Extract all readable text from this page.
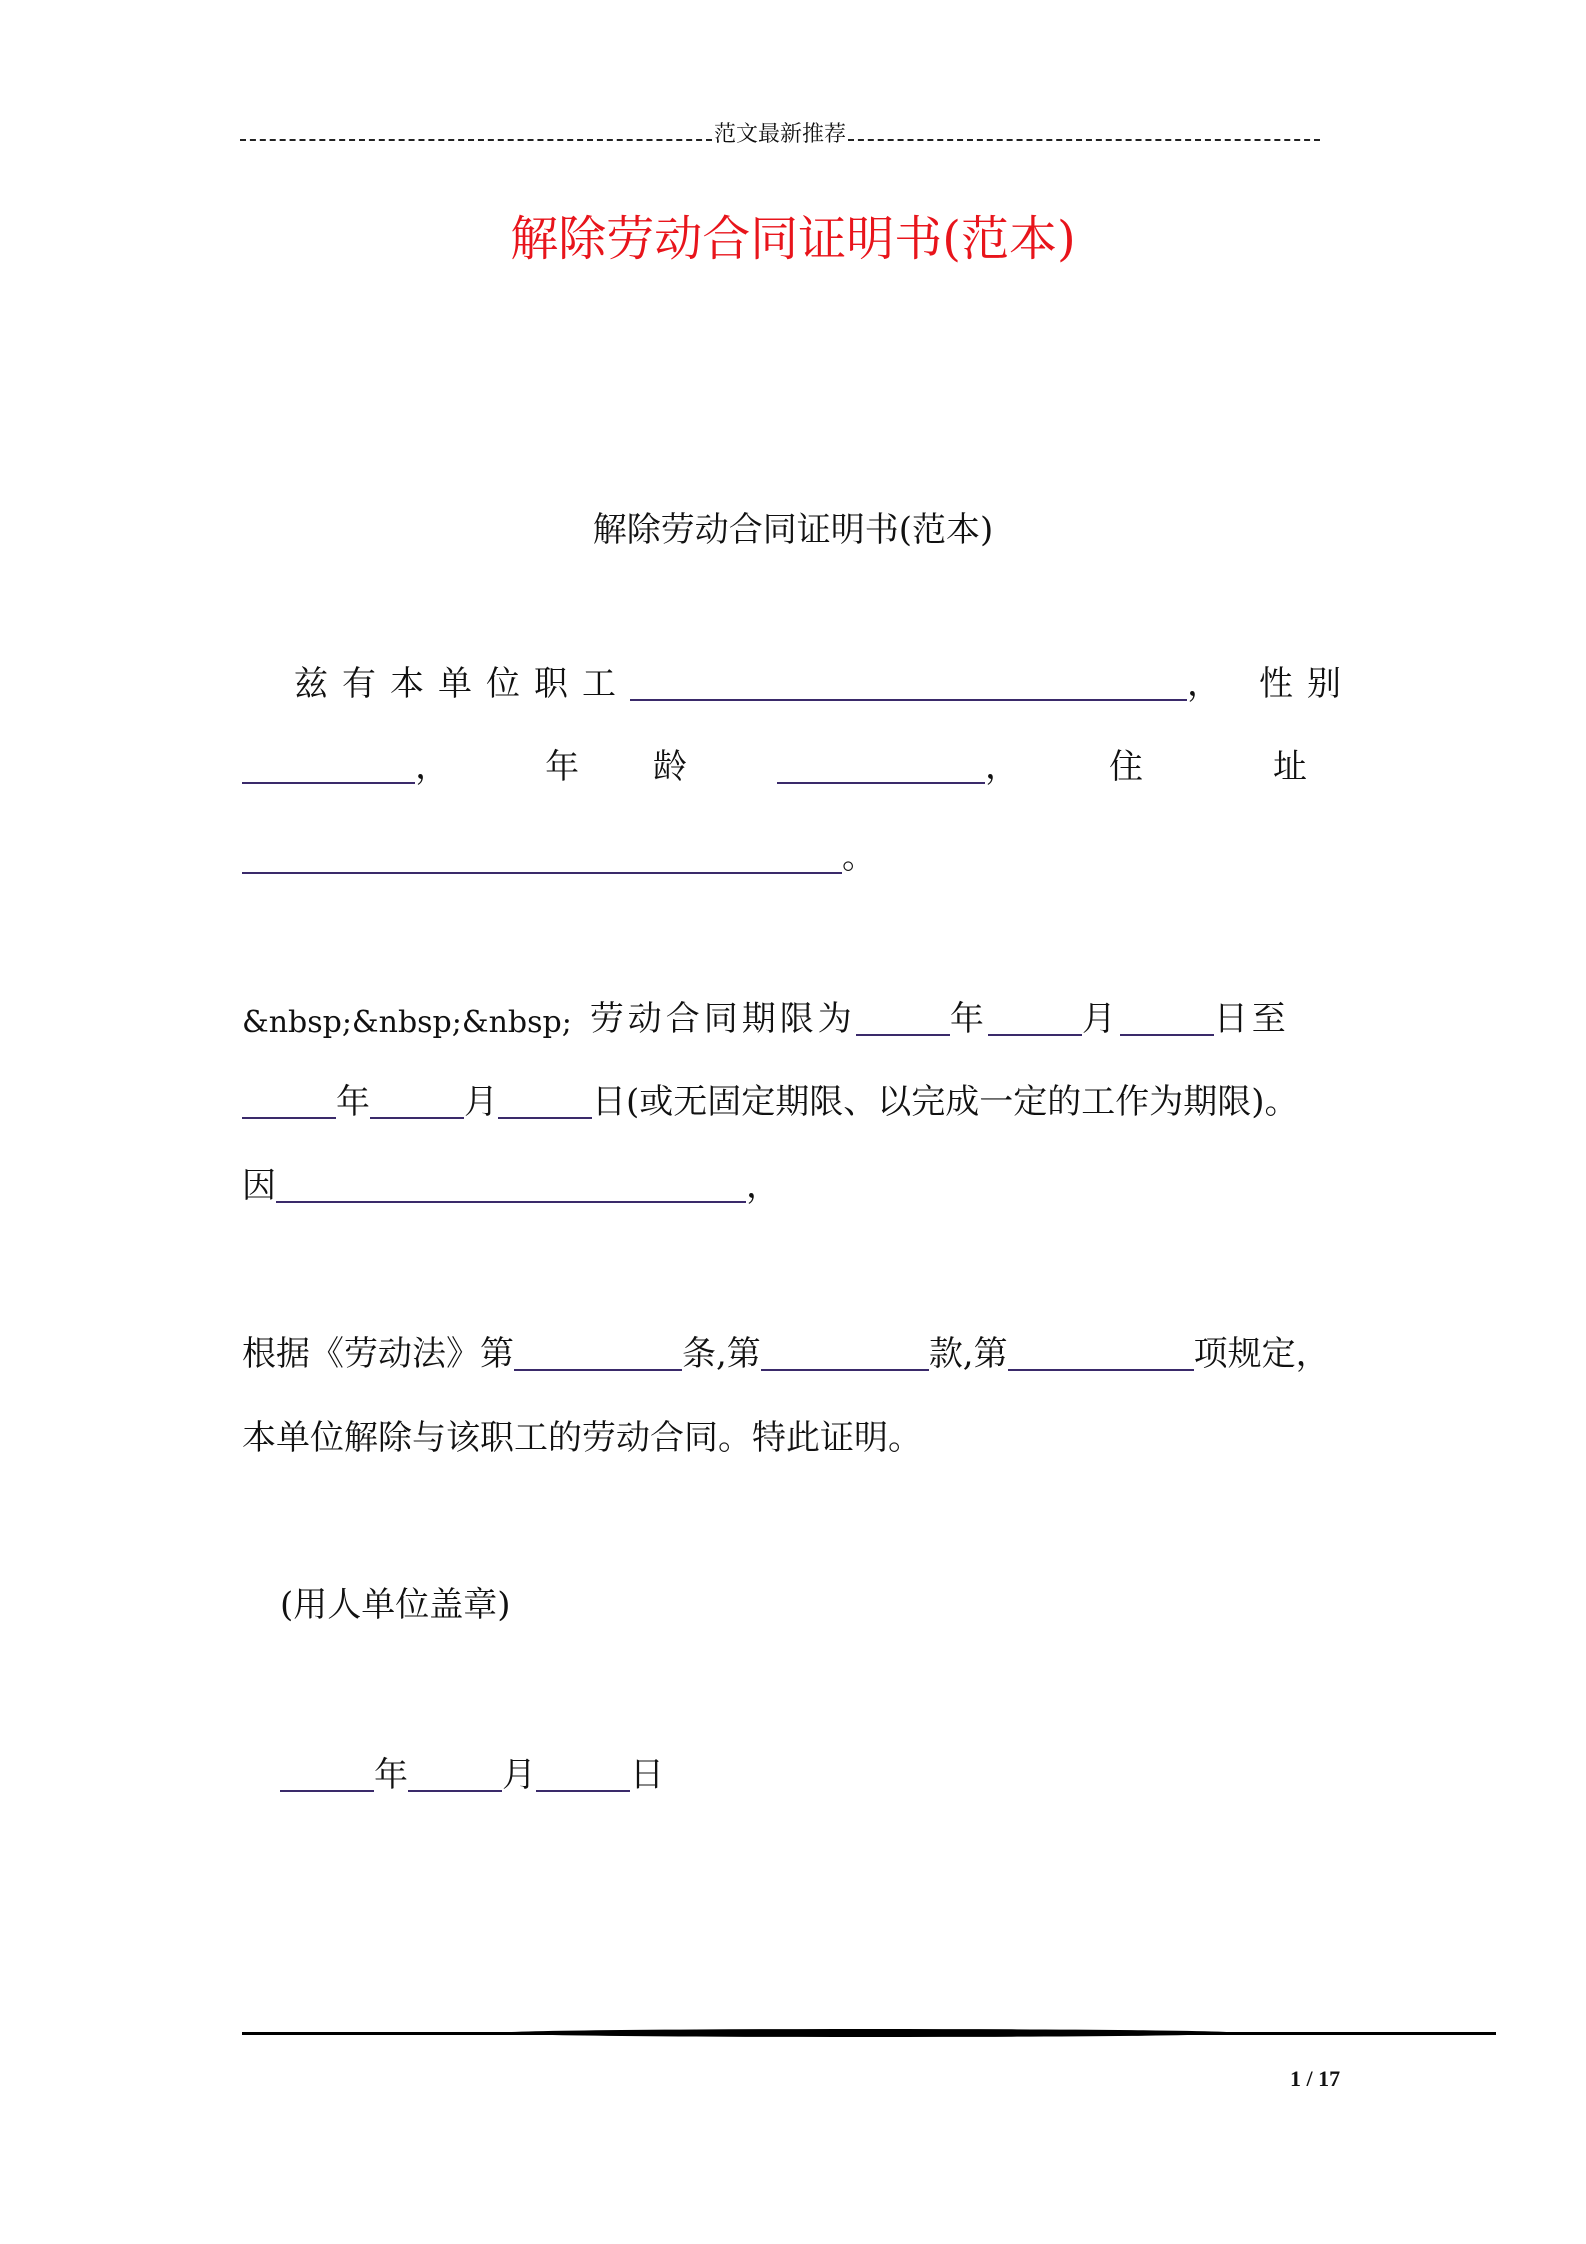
范文最新推荐
解除劳动合同证明书(范本)
解除劳动合同证明书(范本)
兹有本单位职工	， 性别
，	年　龄	，	住　址
。
&nbsp;&nbsp;&nbsp; 劳动合同期限为	年	月	日至
年	月	日(或无固定期限、以完成一定的工作为期限)。
因	，
根据《劳动法》第	条,第	款,第	项规定，
本单位解除与该职工的劳动合同。特此证明。
(用人单位盖章)
年	月	日
1 / 17
